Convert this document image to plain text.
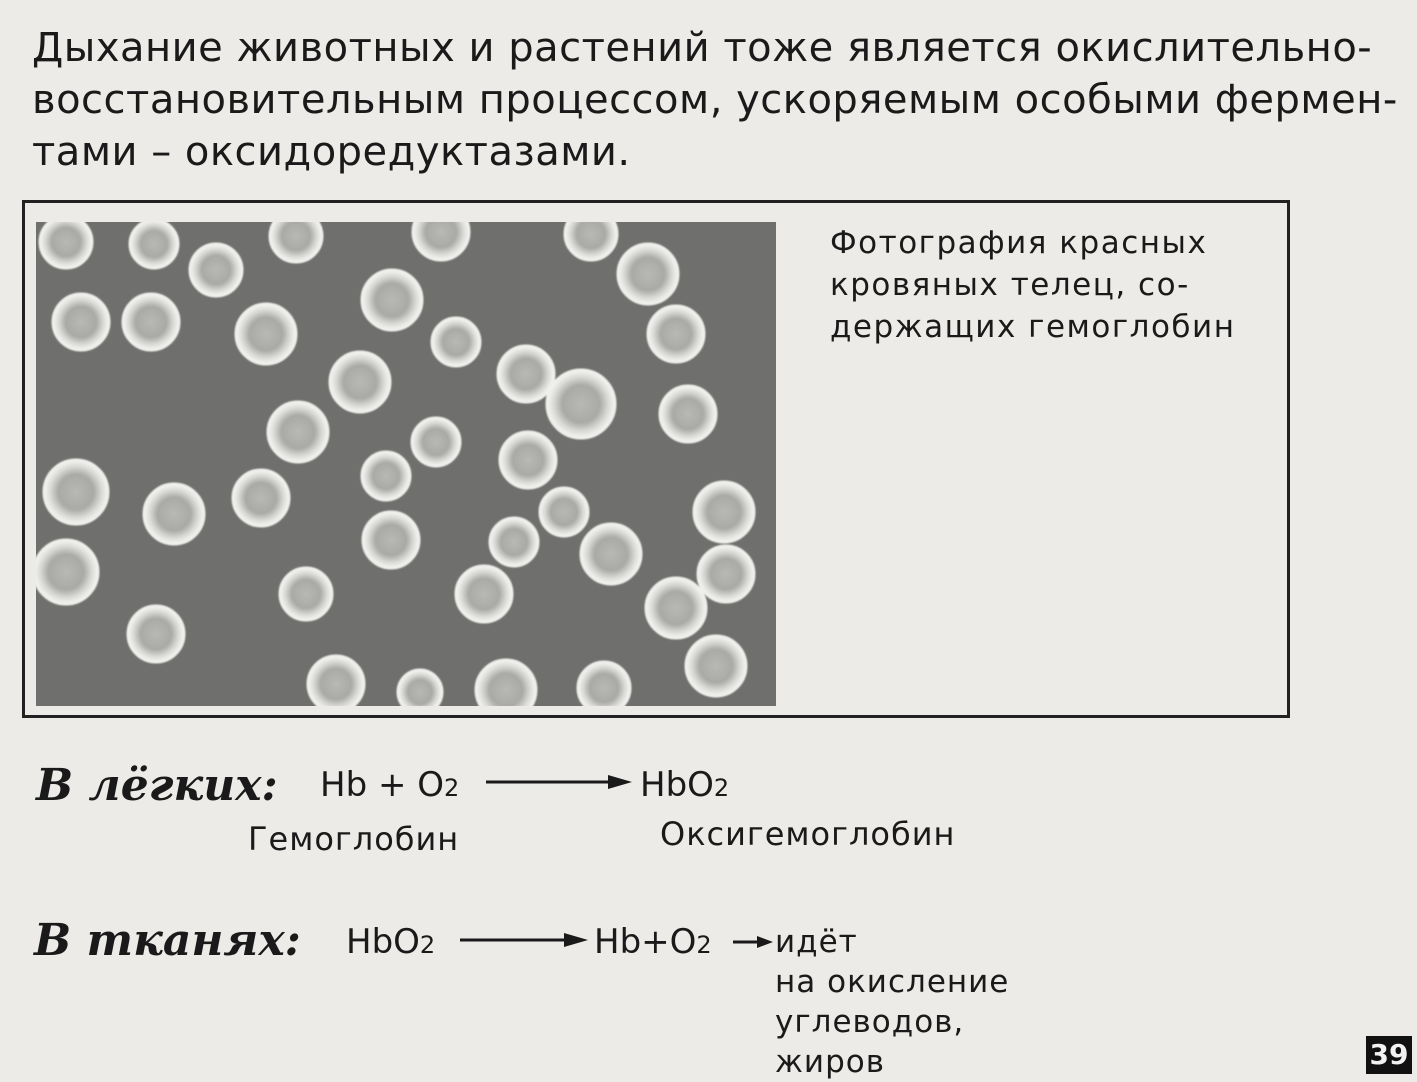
Дыхание животных и растений тоже является окислительно-
восстановительным процессом, ускоряемым особыми фермен-
тами – оксидоредуктазами.
Фотография красных
кровяных телец, со-
держащих гемоглобин
В лёгких: Hb + O2	HbO2
Гемоглобин	Оксигемоглобин
В тканях: HbO2	Hb+O2 идёт
на окисление
углеводов,
жиров	39
